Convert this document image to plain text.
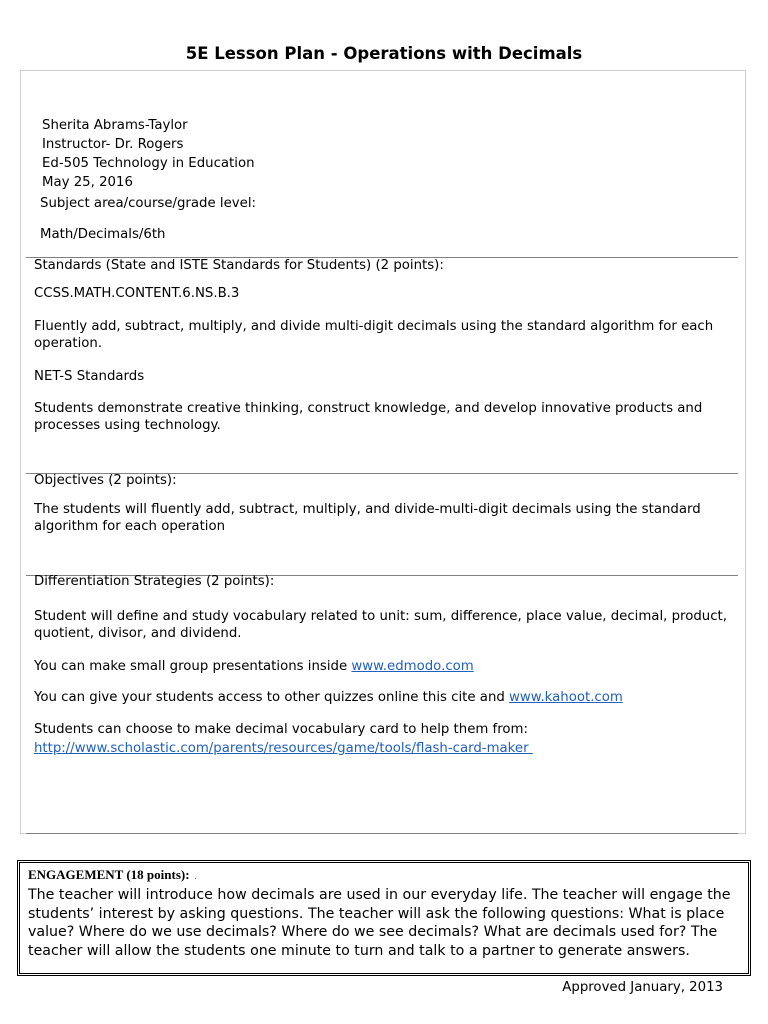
5E Lesson Plan - Operations with Decimals
Sherita Abrams-Taylor
Instructor- Dr. Rogers
Ed-505 Technology in Education
May 25, 2016
Subject area/course/grade level:
Math/Decimals/6th
Standards (State and ISTE Standards for Students) (2 points):
CCSS.MATH.CONTENT.6.NS.B.3
Fluently add, subtract, multiply, and divide multi-digit decimals using the standard algorithm for each operation.
NET-S Standards
Students demonstrate creative thinking, construct knowledge, and develop innovative products and processes using technology.
Objectives (2 points):
The students will fluently add, subtract, multiply, and divide-multi-digit decimals using the standard algorithm for each operation
Differentiation Strategies (2 points):
Student will define and study vocabulary related to unit: sum, difference, place value, decimal, product, quotient, divisor, and dividend.
You can make small group presentations inside www.edmodo.com
You can give your students access to other quizzes online this cite and www.kahoot.com
Students can choose to make decimal vocabulary card to help them from:
http://www.scholastic.com/parents/resources/game/tools/flash-card-maker
ENGAGEMENT (18 points): .
The teacher will introduce how decimals are used in our everyday life. The teacher will engage the students’ interest by asking questions. The teacher will ask the following questions: What is place value? Where do we use decimals? Where do we see decimals? What are decimals used for? The teacher will allow the students one minute to turn and talk to a partner to generate answers.
Approved January, 2013
